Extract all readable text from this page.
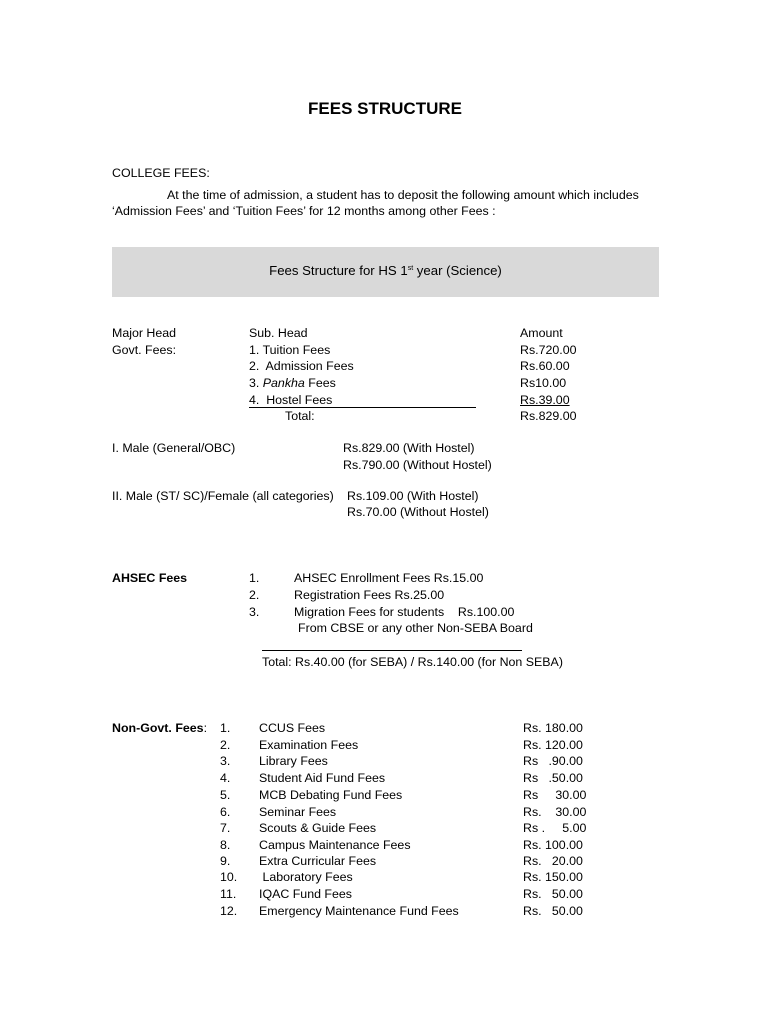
FEES STRUCTURE
COLLEGE FEES:
At the time of admission, a student has to deposit the following amount which includes
‘Admission Fees’ and ‘Tuition Fees’ for 12 months among other Fees :
Fees Structure for HS 1st year (Science)
Major Head	Sub. Head	Amount
Govt. Fees:	1. Tuition Fees	Rs.720.00
2.  Admission Fees	Rs.60.00
3. Pankha Fees	Rs10.00
4.  Hostel Fees	Rs.39.00
Total:	Rs.829.00
I. Male (General/OBC)	Rs.829.00 (With Hostel)
Rs.790.00 (Without Hostel)
II. Male (ST/ SC)/Female (all categories) Rs.109.00 (With Hostel)
Rs.70.00 (Without Hostel)
AHSEC Fees	1.	AHSEC Enrollment Fees Rs.15.00
2.	Registration Fees Rs.25.00
3.	Migration Fees for students    Rs.100.00
From CBSE or any other Non-SEBA Board
Total: Rs.40.00 (for SEBA) / Rs.140.00 (for Non SEBA)
Non-Govt. Fees: 1. CCUS Fees	Rs. 180.00
2. Examination Fees	Rs. 120.00
3. Library Fees	Rs   .90.00
4. Student Aid Fund Fees	Rs   .50.00
5. MCB Debating Fund Fees	Rs     30.00
6. Seminar Fees	Rs.    30.00
7. Scouts & Guide Fees	Rs .     5.00
8. Campus Maintenance Fees	Rs. 100.00
9. Extra Curricular Fees	Rs.   20.00
10. Laboratory Fees	Rs. 150.00
11. IQAC Fund Fees	Rs.   50.00
12. Emergency Maintenance Fund Fees	Rs.   50.00
